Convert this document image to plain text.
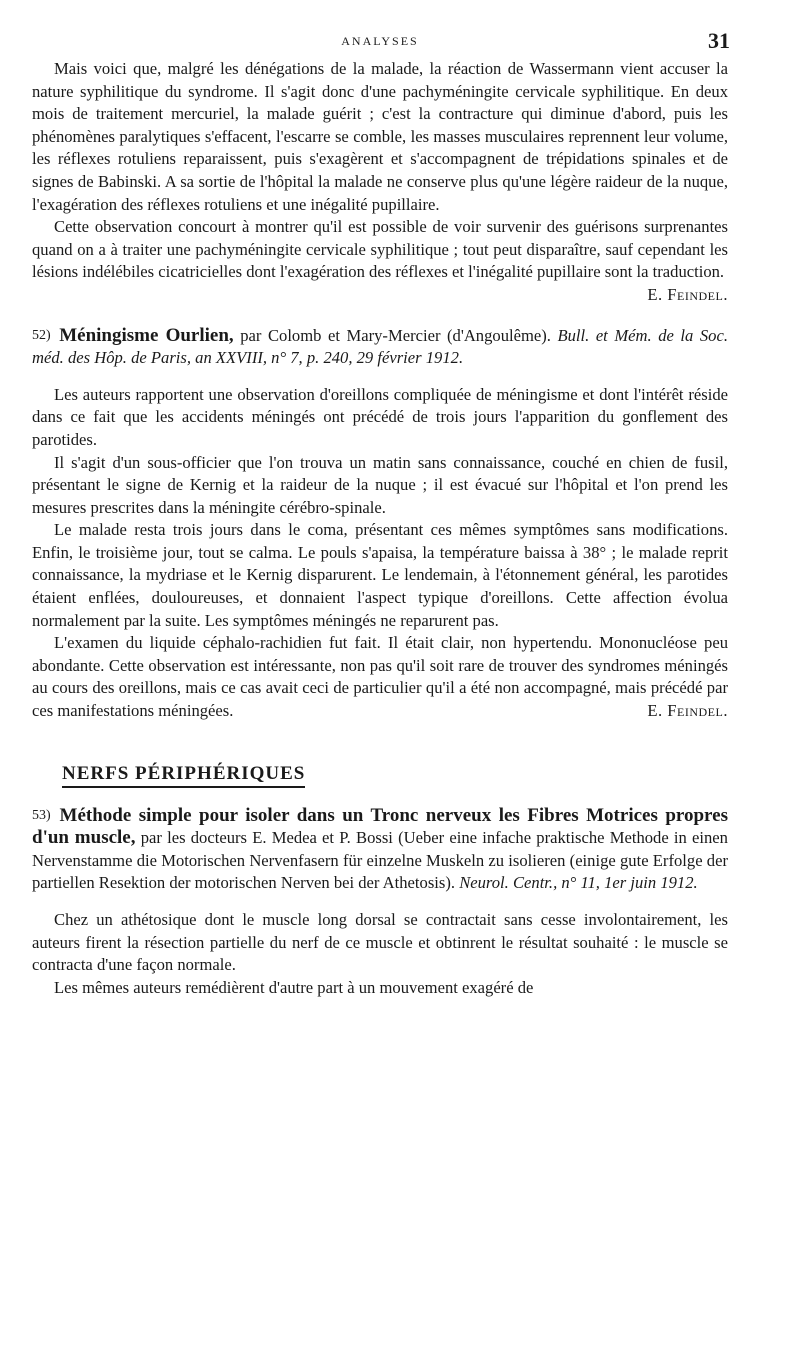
ANALYSES	31

Mais voici que, malgré les dénégations de la malade, la réaction de Wassermann vient accuser la nature syphilitique du syndrome. Il s'agit donc d'une pachyméningite cervicale syphilitique. En deux mois de traitement mercuriel, la malade guérit ; c'est la contracture qui diminue d'abord, puis les phénomènes paralytiques s'effacent, l'escarre se comble, les masses musculaires reprennent leur volume, les réflexes rotuliens reparaissent, puis s'exagèrent et s'accompagnent de trépidations spinales et de signes de Babinski. A sa sortie de l'hôpital la malade ne conserve plus qu'une légère raideur de la nuque, l'exagération des réflexes rotuliens et une inégalité pupillaire.

Cette observation concourt à montrer qu'il est possible de voir survenir des guérisons surprenantes quand on a à traiter une pachyméningite cervicale syphilitique ; tout peut disparaître, sauf cependant les lésions indélébiles cicatricielles dont l'exagération des réflexes et l'inégalité pupillaire sont la traduction.

E. Feindel.

52) Méningisme Ourlien, par Colomb et Mary-Mercier (d'Angoulême). Bull. et Mém. de la Soc. méd. des Hôp. de Paris, an XXVIII, n° 7, p. 240, 29 février 1912.

Les auteurs rapportent une observation d'oreillons compliquée de méningisme et dont l'intérêt réside dans ce fait que les accidents méningés ont précédé de trois jours l'apparition du gonflement des parotides.

Il s'agit d'un sous-officier que l'on trouva un matin sans connaissance, couché en chien de fusil, présentant le signe de Kernig et la raideur de la nuque ; il est évacué sur l'hôpital et l'on prend les mesures prescrites dans la méningite cérébro-spinale.

Le malade resta trois jours dans le coma, présentant ces mêmes symptômes sans modifications. Enfin, le troisième jour, tout se calma. Le pouls s'apaisa, la température baissa à 38° ; le malade reprit connaissance, la mydriase et le Kernig disparurent. Le lendemain, à l'étonnement général, les parotides étaient enflées, douloureuses, et donnaient l'aspect typique d'oreillons. Cette affection évolua normalement par la suite. Les symptômes méningés ne reparurent pas.

L'examen du liquide céphalo-rachidien fut fait. Il était clair, non hypertendu. Mononucléose peu abondante. Cette observation est intéressante, non pas qu'il soit rare de trouver des syndromes méningés au cours des oreillons, mais ce cas avait ceci de particulier qu'il a été non accompagné, mais précédé par ces manifestations méningées.	E. Feindel.

NERFS PÉRIPHÉRIQUES
53) Méthode simple pour isoler dans un Tronc nerveux les Fibres Motrices propres d'un muscle, par les docteurs E. Medea et P. Bossi (Ueber eine infache praktische Methode in einen Nervenstamme die Motorischen Nervenfasern für einzelne Muskeln zu isolieren (einige gute Erfolge der partiellen Resektion der motorischen Nerven bei der Athetosis). Neurol. Centr., n° 11, 1er juin 1912.

Chez un athétosique dont le muscle long dorsal se contractait sans cesse involontairement, les auteurs firent la résection partielle du nerf de ce muscle et obtinrent le résultat souhaité : le muscle se contracta d'une façon normale.

Les mêmes auteurs remédièrent d'autre part à un mouvement exagéré de
